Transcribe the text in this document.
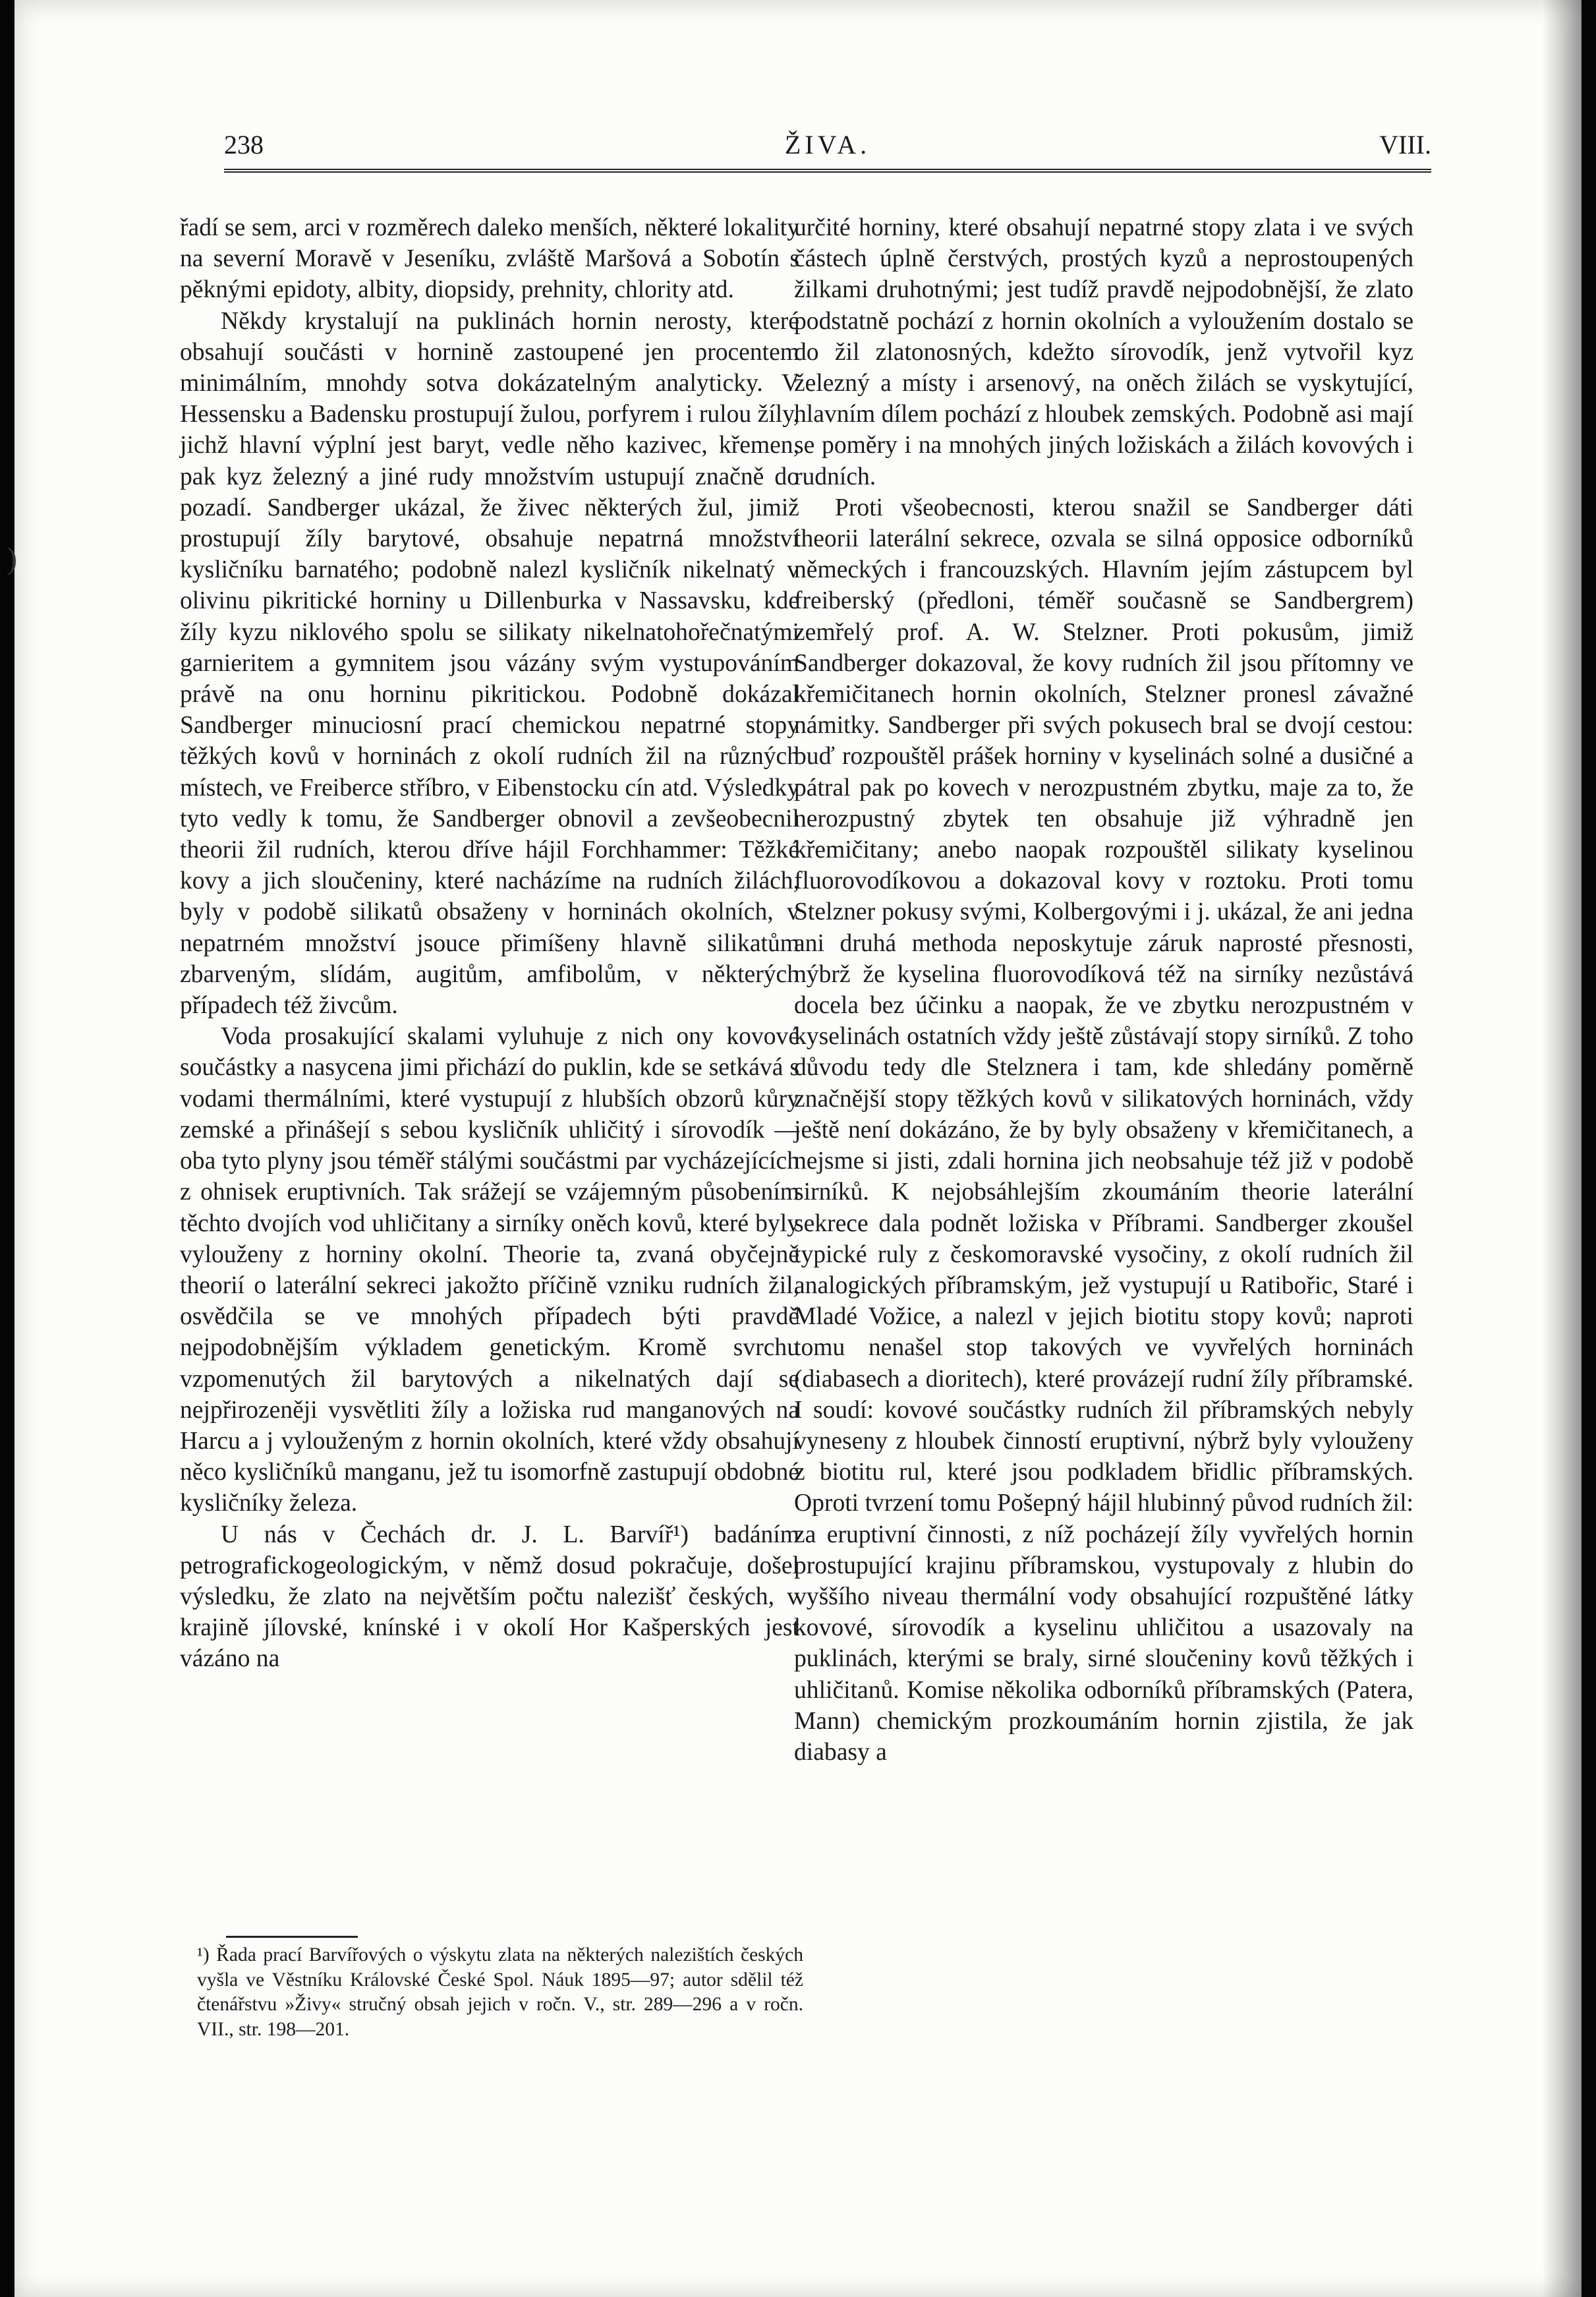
238	ŽIVA.	VIII.

řadí se sem, arci v rozměrech daleko menších, některé lokality na severní Moravě v Jeseníku, zvláště Maršová a Sobotín s pěknými epidoty, albity, diopsidy, prehnity, chlority atd.

Někdy krystalují na puklinách hornin nerosty, které obsahují součásti v hornině zastoupené jen procentem minimálním, mnohdy sotva dokázatelným analyticky. V Hessensku a Badensku prostupují žulou, porfyrem i rulou žíly, jichž hlavní výplní jest baryt, vedle něho kazivec, křemen, pak kyz železný a jiné rudy množstvím ustupují značně do pozadí. Sandberger ukázal, že živec některých žul, jimiž prostupují žíly barytové, obsahuje nepatrná množství kysličníku barnatého; podobně nalezl kysličník nikelnatý v olivinu pikritické horniny u Dillenburka v Nassavsku, kde žíly kyzu niklového spolu se silikaty nikelnatohořečnatými garnieritem a gymnitem jsou vázány svým vystupováním právě na onu horninu pikritickou. Podobně dokázal Sandberger minuciosní prací chemickou nepatrné stopy těžkých kovů v horninách z okolí rudních žil na různých místech, ve Freiberce stříbro, v Eibenstocku cín atd. Výsledky tyto vedly k tomu, že Sandberger obnovil a zevšeobecnil theorii žil rudních, kterou dříve hájil Forchhammer: Těžké kovy a jich sloučeniny, které nacházíme na rudních žilách, byly v podobě silikatů obsaženy v horninách okolních, v nepatrném množství jsouce přimíšeny hlavně silikatům zbarveným, slídám, augitům, amfibolům, v některých případech též živcům.

Voda prosakující skalami vyluhuje z nich ony kovové součástky a nasycena jimi přichází do puklin, kde se setkává s vodami thermálními, které vystupují z hlubších obzorů kůry zemské a přinášejí s sebou kysličník uhličitý i sírovodík — oba tyto plyny jsou téměř stálými součástmi par vycházejících z ohnisek eruptivních. Tak srážejí se vzájemným působením těchto dvojích vod uhličitany a sirníky oněch kovů, které byly vylouženy z horniny okolní. Theorie ta, zvaná obyčejně theorií o laterální sekreci jakožto příčině vzniku rudních žil, osvědčila se ve mnohých případech býti pravdě nejpodobnějším výkladem genetickým. Kromě svrchu vzpomenutých žil barytových a nikelnatých dají se nejpřirozeněji vysvětliti žíly a ložiska rud manganových na Harcu a j vylouženým z hornin okolních, které vždy obsahují něco kysličníků manganu, jež tu isomorfně zastupují obdobné kysličníky železa.

U nás v Čechách dr. J. L. Barvíř¹) badáním petrografickogeologickým, v němž dosud pokračuje, došel výsledku, že zlato na největším počtu nalezišť českých, v krajině jílovské, knínské i v okolí Hor Kašperských jest vázáno na

¹) Řada prací Barvířových o výskytu zlata na některých nalezištích českých vyšla ve Věstníku Královské České Spol. Náuk 1895—97; autor sdělil též čtenářstvu »Živy« stručný obsah jejich v ročn. V., str. 289—296 a v ročn. VII., str. 198—201.

určité horniny, které obsahují nepatrné stopy zlata i ve svých částech úplně čerstvých, prostých kyzů a neprostoupených žilkami druhotnými; jest tudíž pravdě nejpodobnější, že zlato podstatně pochází z hornin okolních a vyloužením dostalo se do žil zlatonosných, kdežto sírovodík, jenž vytvořil kyz železný a místy i arsenový, na oněch žilách se vyskytující, hlavním dílem pochází z hloubek zemských. Podobně asi mají se poměry i na mnohých jiných ložiskách a žilách kovových i rudních.

Proti všeobecnosti, kterou snažil se Sandberger dáti theorii laterální sekrece, ozvala se silná opposice odborníků německých i francouzských. Hlavním jejím zástupcem byl freiberský (předloni, téměř současně se Sandbergrem) zemřelý prof. A. W. Stelzner. Proti pokusům, jimiž Sandberger dokazoval, že kovy rudních žil jsou přítomny ve křemičitanech hornin okolních, Stelzner pronesl závažné námitky. Sandberger při svých pokusech bral se dvojí cestou: buď rozpouštěl prášek horniny v kyselinách solné a dusičné a pátral pak po kovech v nerozpustném zbytku, maje za to, že nerozpustný zbytek ten obsahuje již výhradně jen křemičitany; anebo naopak rozpouštěl silikaty kyselinou fluorovodíkovou a dokazoval kovy v roztoku. Proti tomu Stelzner pokusy svými, Kolbergovými i j. ukázal, že ani jedna ani druhá methoda neposkytuje záruk naprosté přesnosti, nýbrž že kyselina fluorovodíková též na sirníky nezůstává docela bez účinku a naopak, že ve zbytku nerozpustném v kyselinách ostatních vždy ještě zůstávají stopy sirníků. Z toho důvodu tedy dle Stelznera i tam, kde shledány poměrně značnější stopy těžkých kovů v silikatových horninách, vždy ještě není dokázáno, že by byly obsaženy v křemičitanech, a nejsme si jisti, zdali hornina jich neobsahuje též již v podobě sirníků. K nejobsáhlejším zkoumáním theorie laterální sekrece dala podnět ložiska v Příbrami. Sandberger zkoušel typické ruly z českomoravské vysočiny, z okolí rudních žil analogických příbramským, jež vystupují u Ratibořic, Staré i Mladé Vožice, a nalezl v jejich biotitu stopy kovů; naproti tomu nenašel stop takových ve vyvřelých horninách (diabasech a dioritech), které provázejí rudní žíly příbramské. I soudí: kovové součástky rudních žil příbramských nebyly vyneseny z hloubek činností eruptivní, nýbrž byly vylouženy z biotitu rul, které jsou podkladem břidlic příbramských. Oproti tvrzení tomu Pošepný hájil hlubinný původ rudních žil: za eruptivní činnosti, z níž pocházejí žíly vyvřelých hornin prostupující krajinu příbramskou, vystupovaly z hlubin do vyššího niveau thermální vody obsahující rozpuštěné látky kovové, sírovodík a kyselinu uhličitou a usazovaly na puklinách, kterými se braly, sirné sloučeniny kovů těžkých i uhličitanů. Komise několika odborníků příbramských (Patera, Mann) chemickým prozkoumáním hornin zjistila, že jak diabasy a

)
